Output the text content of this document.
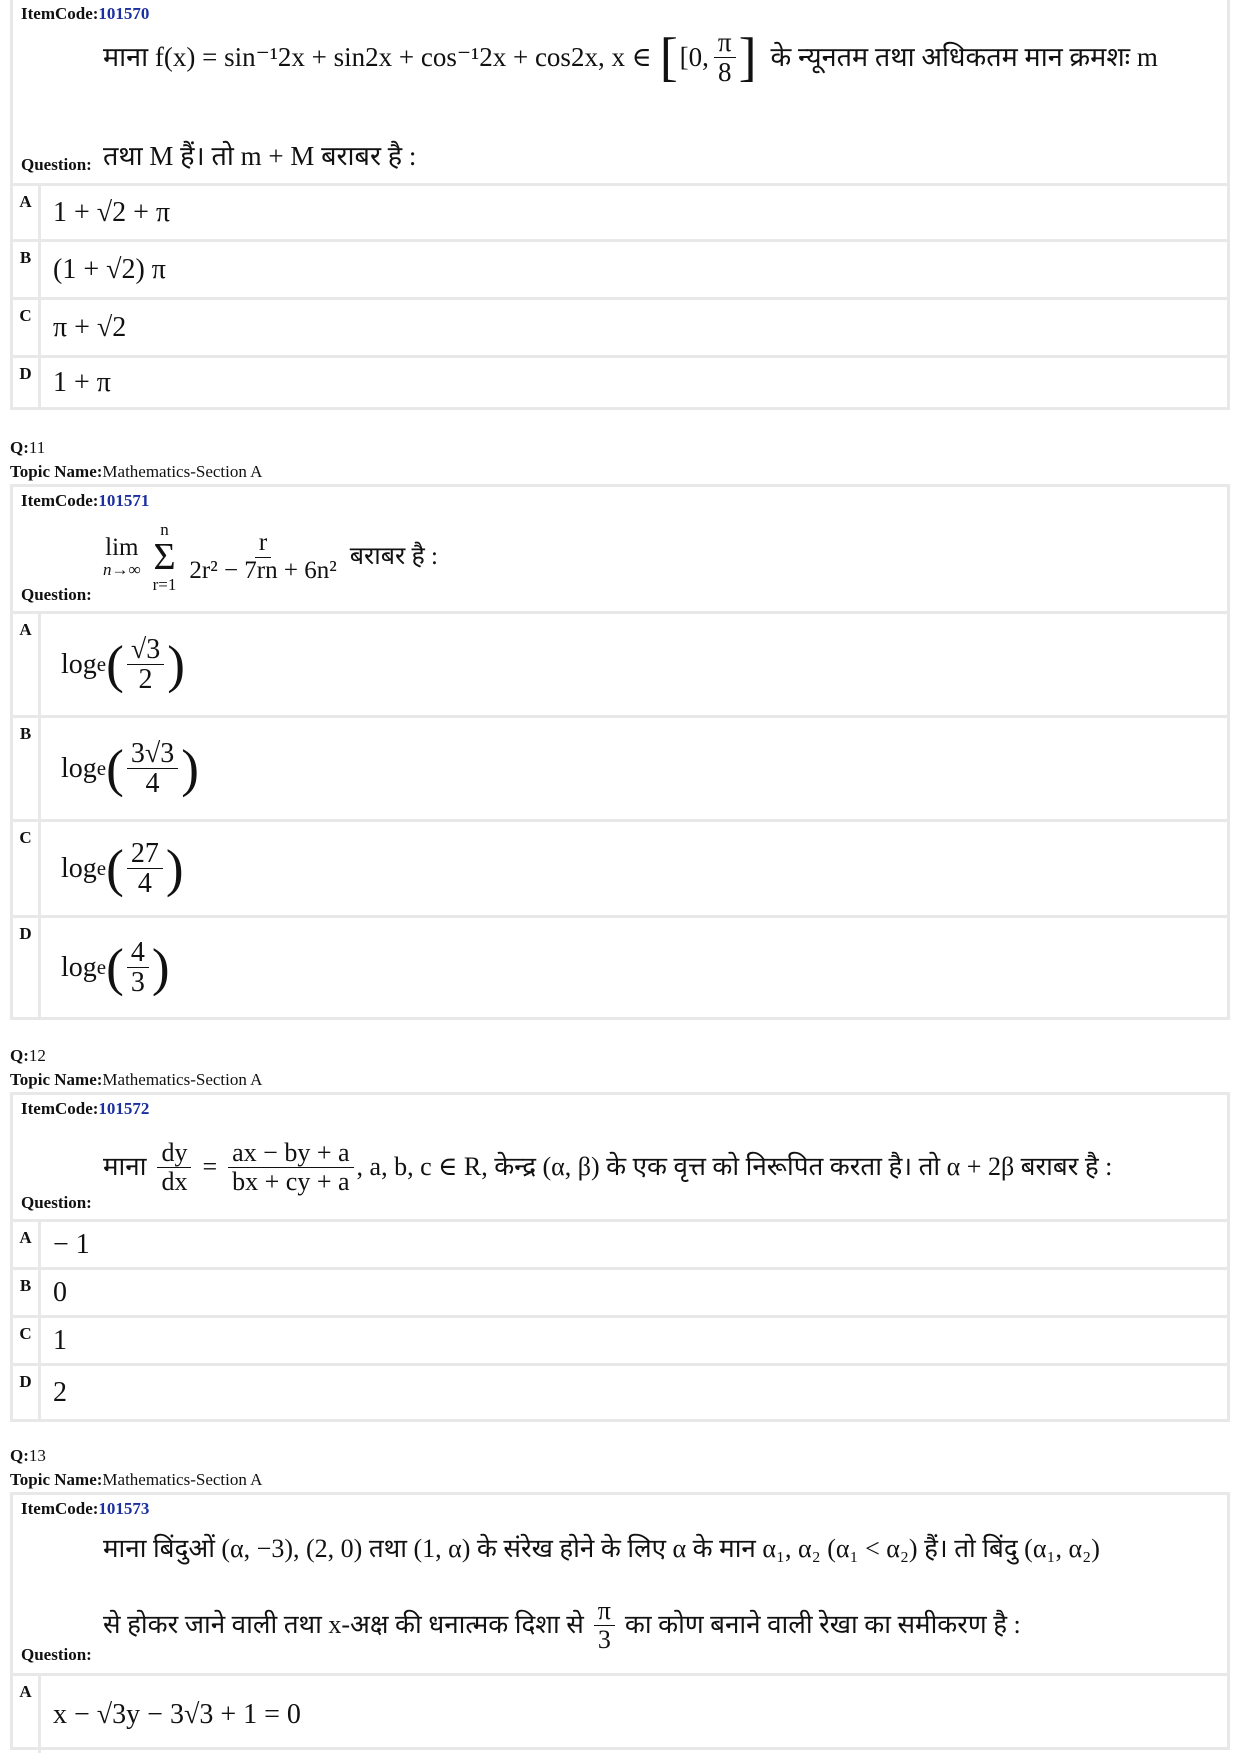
ItemCode:101570
माना f(x) = sin⁻¹2x + sin2x + cos⁻¹2x + cos2x, x ∈ [ [0, $\frac{\pi}{8}$ ] के न्यूनतम तथा अधिकतम मान क्रमशः m
तथा M हैं। तो m + M बराबर है :
Question:
A 1 + √2 + π
B (1 + √2) π
C π + √2
D 1 + π
Q:11
Topic Name:Mathematics-Section A
ItemCode:101571
lim
n→∞
n
Σ
r=1
$\frac{r}{\text{2r² − 7rn + 6n²}}$ बराबर है :
Question:
A
log e ( $\frac{√3}{2}$ )
B
log e ( $\frac{3√3}{4}$ )
C
log e ( $\frac{27}{4}$ )
D
log e ( $\frac{4}{3}$ )
Q:12
Topic Name:Mathematics-Section A
ItemCode:101572
माना $\frac{dy}{dx} = \frac{ax - by + a}{bx + cy + a}$ , a, b, c ∈ R, केन्द्र (α, β) के एक वृत्त को निरूपित करता है। तो α + 2β बराबर है :
Question:
A − 1
B 0
C 1
D 2
Q:13
Topic Name:Mathematics-Section A
ItemCode:101573
माना बिंदुओं (α, −3), (2, 0) तथा (1, α) के संरेख होने के लिए α के मान α₁, α₂ (α₁ < α₂) हैं। तो बिंदु (α₁, α₂)
से होकर जाने वाली तथा x-अक्ष की धनात्मक दिशा से $\frac{\pi}{3}$ का कोण बनाने वाली रेखा का समीकरण है :
Question:
A
x − √3y − 3√3 + 1 = 0
